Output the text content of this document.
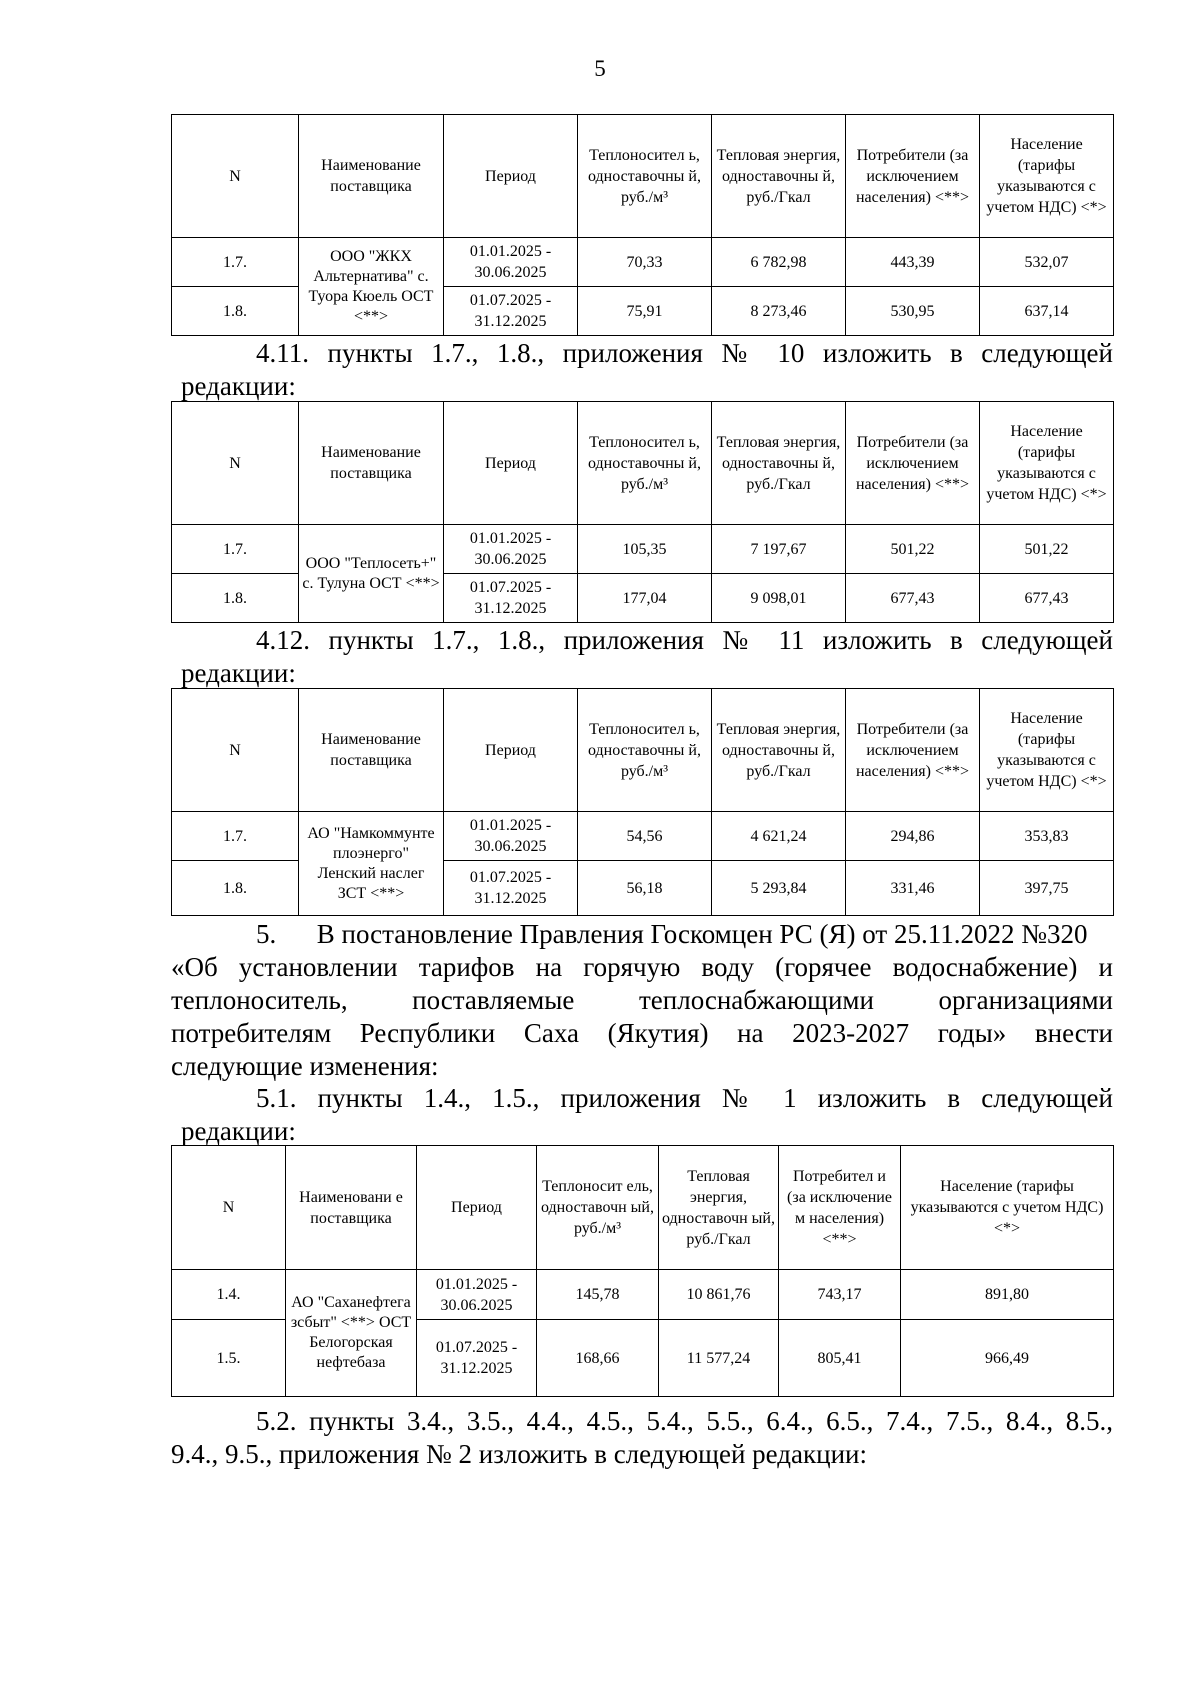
5
N	Наименование поставщика	Период	Теплоносител ь, одноставочны й, руб./м³	Тепловая энергия, одноставочны й, руб./Гкал	Потребители (за исключением населения) <**>	Население (тарифы указываются с учетом НДС) <*>
1.7.	ООО "ЖКХ Альтернатива" с. Туора Кюель ОСТ <**>	01.01.2025 - 30.06.2025	70,33	6 782,98	443,39	532,07
1.8.		01.07.2025 - 31.12.2025	75,91	8 273,46	530,95	637,14
4.11. пункты 1.7., 1.8., приложения № 10 изложить в следующей
редакции:
N	Наименование поставщика	Период	Теплоносител ь, одноставочны й, руб./м³	Тепловая энергия, одноставочны й, руб./Гкал	Потребители (за исключением населения) <**>	Население (тарифы указываются с учетом НДС) <*>
1.7.	ООО "Теплосеть+" с. Тулуна ОСТ <**>	01.01.2025 - 30.06.2025	105,35	7 197,67	501,22	501,22
1.8.		01.07.2025 - 31.12.2025	177,04	9 098,01	677,43	677,43
4.12. пункты 1.7., 1.8., приложения № 11 изложить в следующей
редакции:
N	Наименование поставщика	Период	Теплоносител ь, одноставочны й, руб./м³	Тепловая энергия, одноставочны й, руб./Гкал	Потребители (за исключением населения) <**>	Население (тарифы указываются с учетом НДС) <*>
1.7.	АО "Намкоммунте плоэнерго" Ленский наслег ЗСТ <**>	01.01.2025 - 30.06.2025	54,56	4 621,24	294,86	353,83
1.8.		01.07.2025 - 31.12.2025	56,18	5 293,84	331,46	397,75
5.      В постановление Правления Госкомцен РС (Я) от 25.11.2022 №320
«Об установлении тарифов на горячую воду (горячее водоснабжение) и
теплоноситель, поставляемые теплоснабжающими организациями
потребителям Республики Саха (Якутия) на 2023-2027 годы» внести
следующие изменения:
5.1. пункты 1.4., 1.5., приложения № 1 изложить в следующей
редакции:
N	Наименовани е поставщика	Период	Теплоносит ель, одноставочн ый, руб./м³	Тепловая энергия, одноставочн ый, руб./Гкал	Потребител и (за исключение м населения) <**>	Население (тарифы указываются с учетом НДС) <*>
1.4.	АО "Саханефтега зсбыт" <**> ОСТ Белогорская нефтебаза	01.01.2025 - 30.06.2025	145,78	10 861,76	743,17	891,80
1.5.		01.07.2025 - 31.12.2025	168,66	11 577,24	805,41	966,49
5.2. пункты 3.4., 3.5., 4.4., 4.5., 5.4., 5.5., 6.4., 6.5., 7.4., 7.5., 8.4., 8.5.,
9.4., 9.5., приложения № 2 изложить в следующей редакции:
